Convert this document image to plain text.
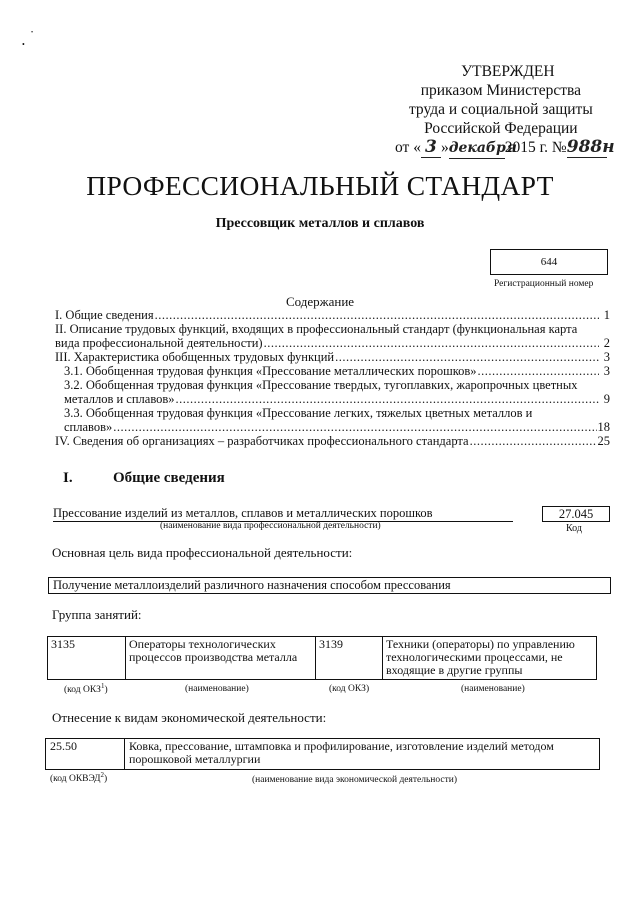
•
•
УТВЕРЖДЕН
приказом Министерства
труда и социальной защиты
Российской Федерации
от « 3 »декабря2015 г. №988н
ПРОФЕССИОНАЛЬНЫЙ СТАНДАРТ
Прессовщик металлов и сплавов
644
Регистрационный номер
Содержание
I. Общие сведения .....	1
II. Описание трудовых функций, входящих в профессиональный стандарт (функциональная карта
вида профессиональной деятельности) .....	2
III. Характеристика обобщенных трудовых функций .....	3
3.1. Обобщенная трудовая функция «Прессование металлических порошков» .....	3
3.2. Обобщенная трудовая функция «Прессование твердых, тугоплавких, жаропрочных цветных
металлов и сплавов» .....	9
3.3. Обобщенная трудовая функция «Прессование легких, тяжелых цветных металлов и
сплавов» .....	18
IV. Сведения об организациях – разработчиках профессионального стандарта .....	25
I.	Общие сведения
Прессование изделий из металлов, сплавов и металлических порошков
(наименование вида профессиональной деятельности)
27.045
Код
Основная цель вида профессиональной деятельности:
Получение металлоизделий различного назначения способом прессования
Группа занятий:
3135	Операторы технологических процессов производства металла	3139	Техники (операторы) по управлению технологическими процессами, не входящие в другие группы
(код ОКЗ$^1$)	(наименование)	(код ОКЗ)	(наименование)
Отнесение к видам экономической деятельности:
25.50	Ковка, прессование, штамповка и профилирование, изготовление изделий методом порошковой металлургии
(код ОКВЭД$^2$)	(наименование вида экономической деятельности)
